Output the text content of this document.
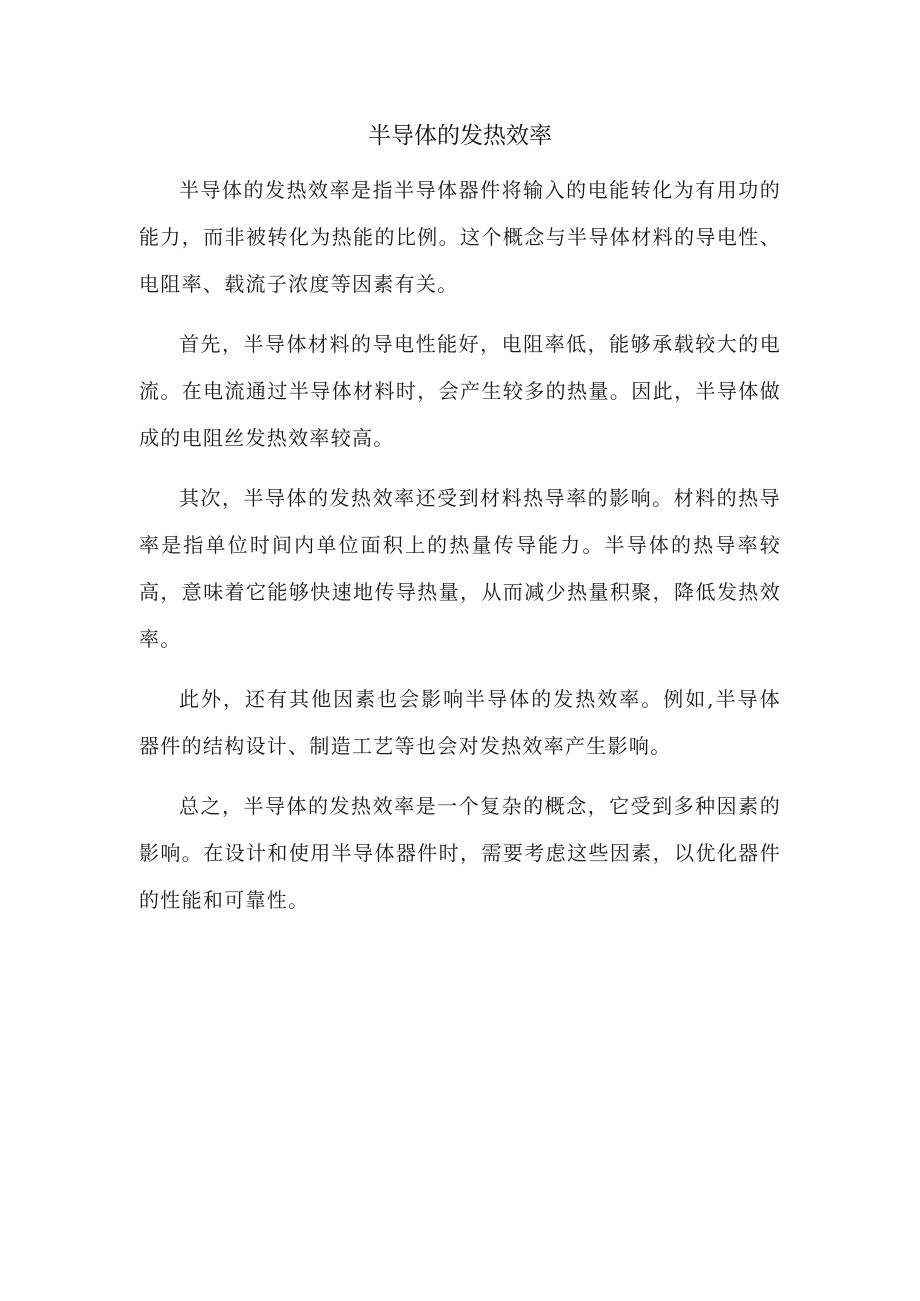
半导体的发热效率

半导体的发热效率是指半导体器件将输入的电能转化为有用功的能力，而非被转化为热能的比例。这个概念与半导体材料的导电性、电阻率、载流子浓度等因素有关。

首先，半导体材料的导电性能好，电阻率低，能够承载较大的电流。在电流通过半导体材料时，会产生较多的热量。因此，半导体做成的电阻丝发热效率较高。

其次，半导体的发热效率还受到材料热导率的影响。材料的热导率是指单位时间内单位面积上的热量传导能力。半导体的热导率较高，意味着它能够快速地传导热量，从而减少热量积聚，降低发热效率。

此外，还有其他因素也会影响半导体的发热效率。例如,半导体器件的结构设计、制造工艺等也会对发热效率产生影响。

总之，半导体的发热效率是一个复杂的概念，它受到多种因素的影响。在设计和使用半导体器件时，需要考虑这些因素，以优化器件的性能和可靠性。
